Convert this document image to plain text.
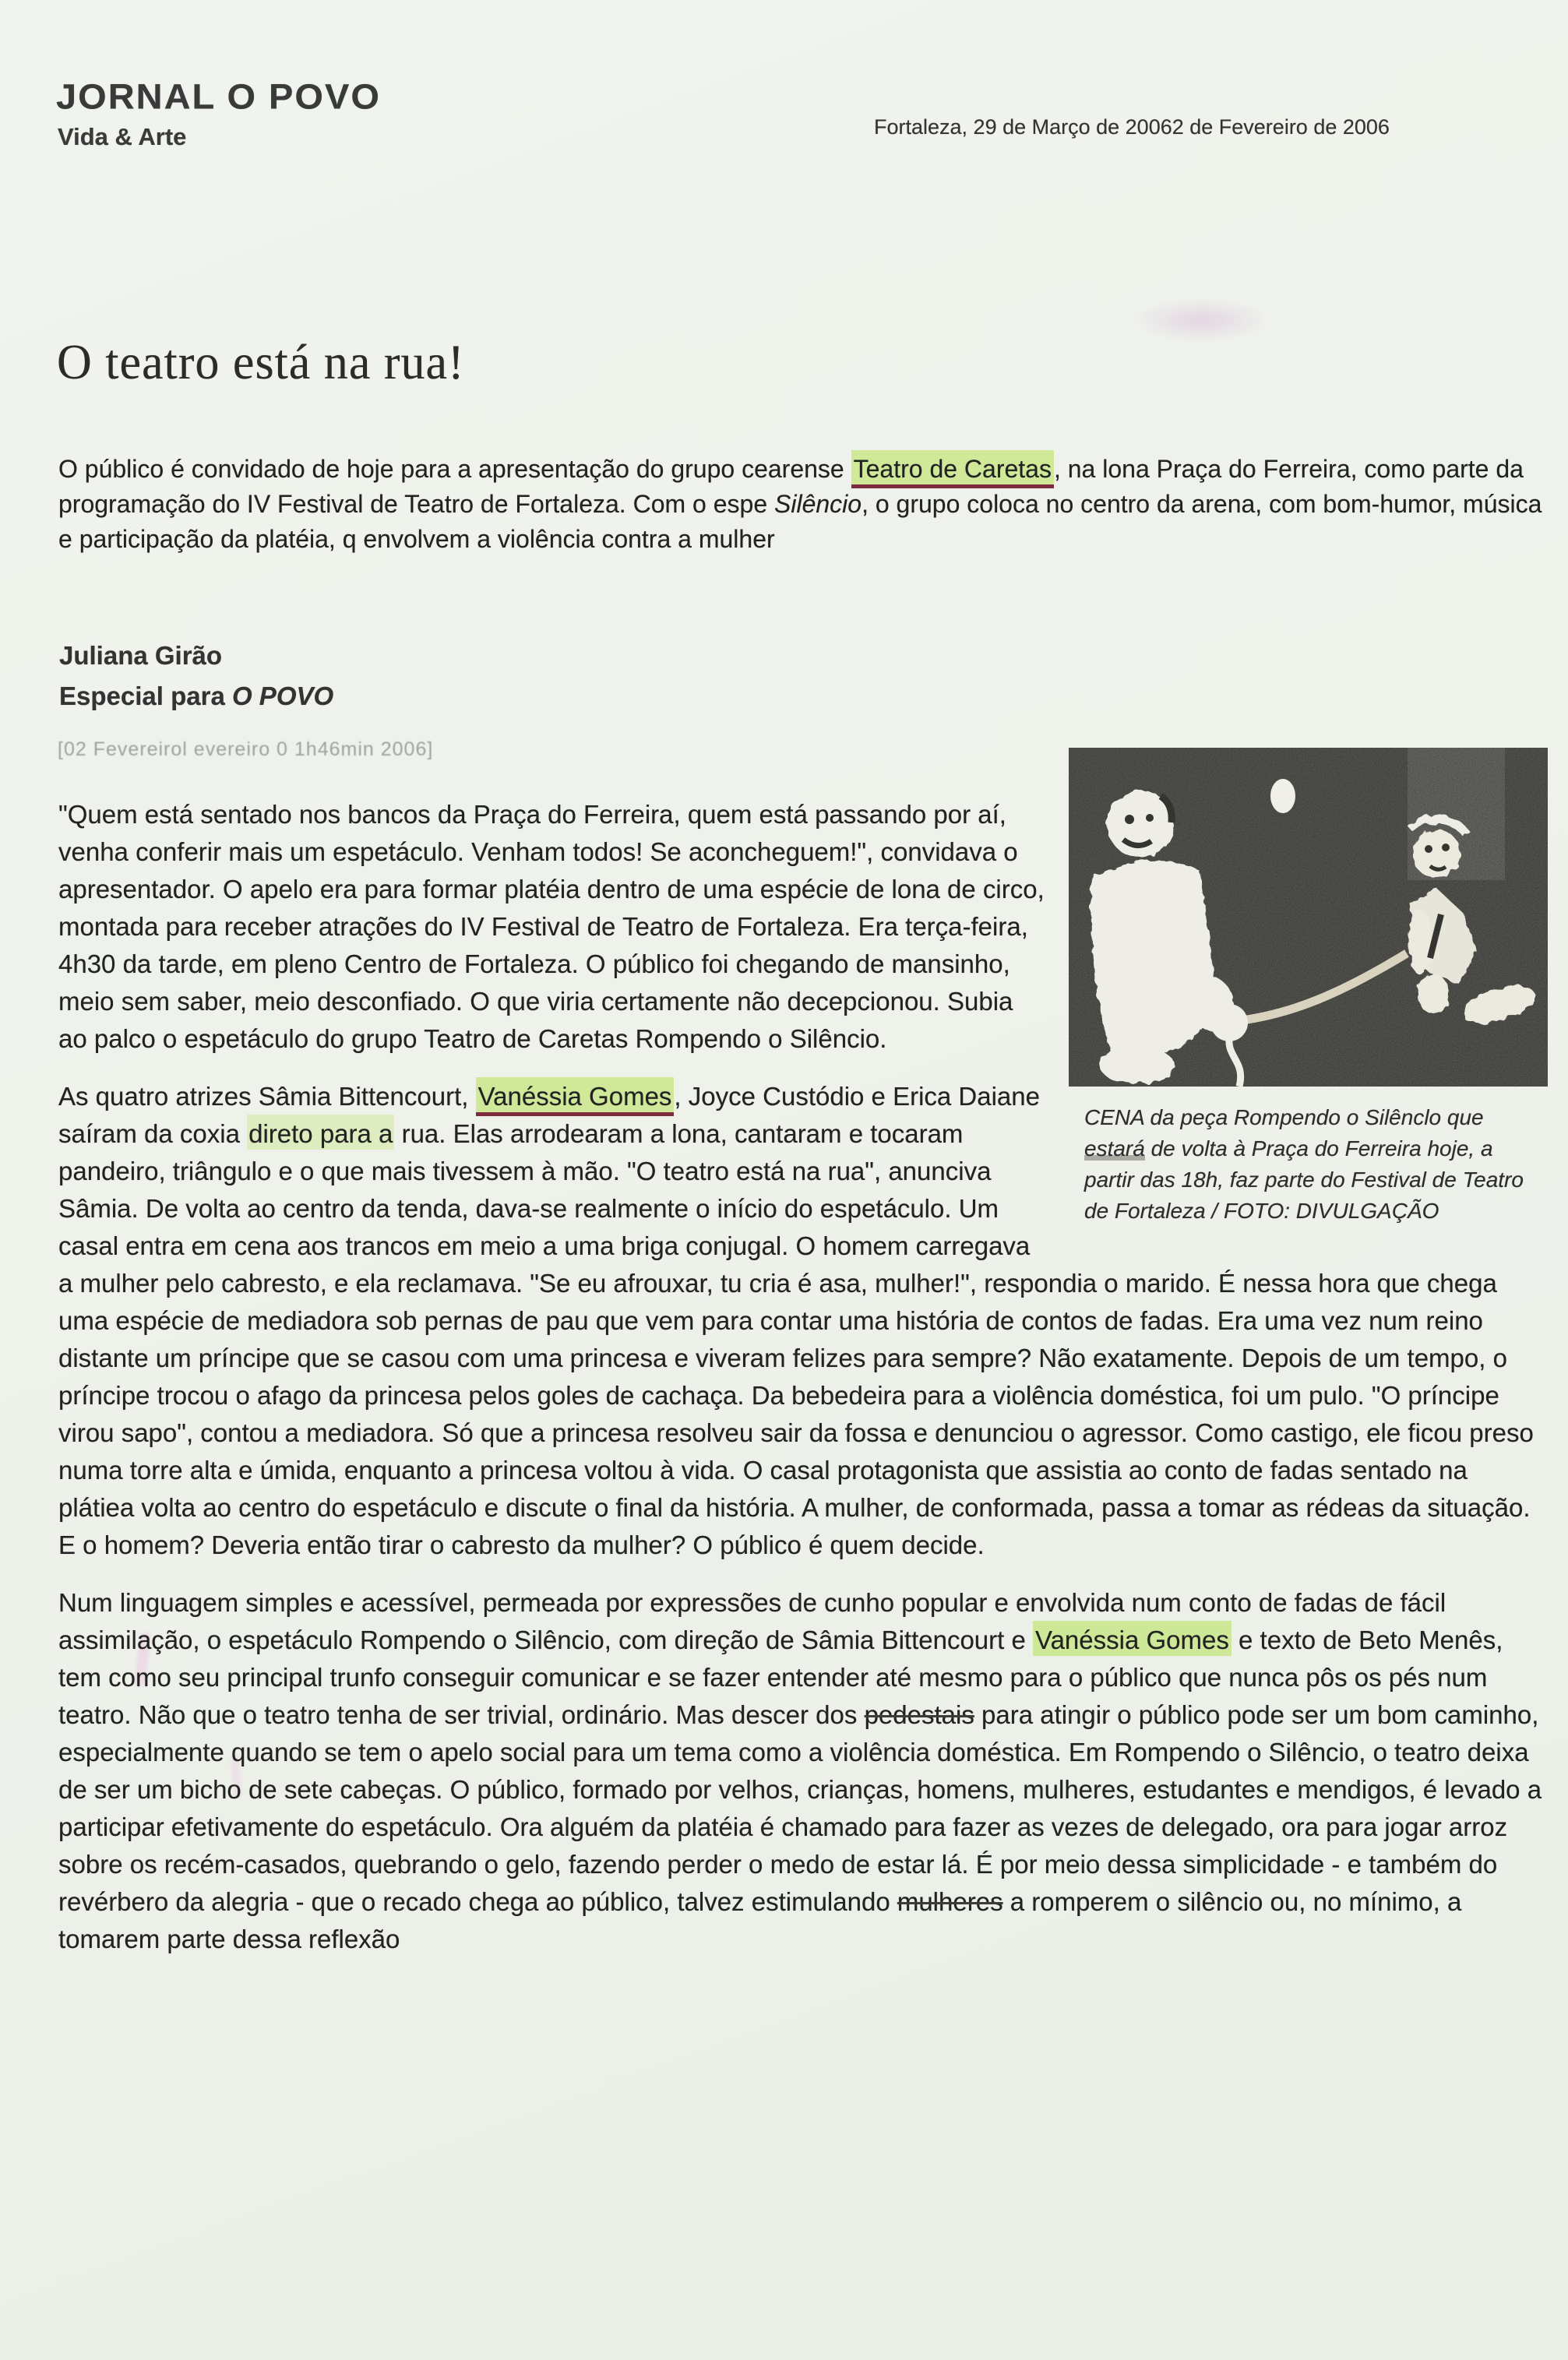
JORNAL O POVO
Vida & Arte	Fortaleza, 29 de Março de 20062 de Fevereiro de 2006
O teatro está na rua!
O público é convidado de hoje para a apresentação do grupo cearense Teatro de Caretas, na lona Praça do Ferreira, como parte da programação do IV Festival de Teatro de Fortaleza. Com o espe Silêncio, o grupo coloca no centro da arena, com bom-humor, música e participação da platéia, q envolvem a violência contra a mulher
Juliana Girão
Especial para O POVO
[02 Fevereirol evereiro 0 1h46min 2006]
CENA da peça Rompendo o Silênclo que estará de volta à Praça do Ferreira hoje, a partir das 18h, faz parte do Festival de Teatro de Fortaleza / FOTO: DIVULGAÇÃO

"Quem está sentado nos bancos da Praça do Ferreira, quem está passando por aí, venha conferir mais um espetáculo. Venham todos! Se aconcheguem!", convidava o apresentador. O apelo era para formar platéia dentro de uma espécie de lona de circo, montada para receber atrações do IV Festival de Teatro de Fortaleza. Era terça-feira, 4h30 da tarde, em pleno Centro de Fortaleza. O público foi chegando de mansinho, meio sem saber, meio desconfiado. O que viria certamente não decepcionou. Subia ao palco o espetáculo do grupo Teatro de Caretas Rompendo o Silêncio.

As quatro atrizes Sâmia Bittencourt, Vanéssia Gomes, Joyce Custódio e Erica Daiane saíram da coxia direto para a rua. Elas arrodearam a lona, cantaram e tocaram pandeiro, triângulo e o que mais tivessem à mão. "O teatro está na rua", anunciva Sâmia. De volta ao centro da tenda, dava-se realmente o início do espetáculo. Um casal entra em cena aos trancos em meio a uma briga conjugal. O homem carregava a mulher pelo cabresto, e ela reclamava. "Se eu afrouxar, tu cria é asa, mulher!", respondia o marido. É nessa hora que chega uma espécie de mediadora sob pernas de pau que vem para contar uma história de contos de fadas. Era uma vez num reino distante um príncipe que se casou com uma princesa e viveram felizes para sempre? Não exatamente. Depois de um tempo, o príncipe trocou o afago da princesa pelos goles de cachaça. Da bebedeira para a violência doméstica, foi um pulo. "O príncipe virou sapo", contou a mediadora. Só que a princesa resolveu sair da fossa e denunciou o agressor. Como castigo, ele ficou preso numa torre alta e úmida, enquanto a princesa voltou à vida. O casal protagonista que assistia ao conto de fadas sentado na plátiea volta ao centro do espetáculo e discute o final da história. A mulher, de conformada, passa a tomar as rédeas da situação. E o homem? Deveria então tirar o cabresto da mulher? O público é quem decide.

Num linguagem simples e acessível, permeada por expressões de cunho popular e envolvida num conto de fadas de fácil assimilação, o espetáculo Rompendo o Silêncio, com direção de Sâmia Bittencourt e Vanéssia Gomes e texto de Beto Menês, tem como seu principal trunfo conseguir comunicar e se fazer entender até mesmo para o público que nunca pôs os pés num teatro. Não que o teatro tenha de ser trivial, ordinário. Mas descer dos pedestais para atingir o público pode ser um bom caminho, especialmente quando se tem o apelo social para um tema como a violência doméstica. Em Rompendo o Silêncio, o teatro deixa de ser um bicho de sete cabeças. O público, formado por velhos, crianças, homens, mulheres, estudantes e mendigos, é levado a participar efetivamente do espetáculo. Ora alguém da platéia é chamado para fazer as vezes de delegado, ora para jogar arroz sobre os recém-casados, quebrando o gelo, fazendo perder o medo de estar lá. É por meio dessa simplicidade - e também do revérbero da alegria - que o recado chega ao público, talvez estimulando mulheres a romperem o silêncio ou, no mínimo, a tomarem parte dessa reflexão
